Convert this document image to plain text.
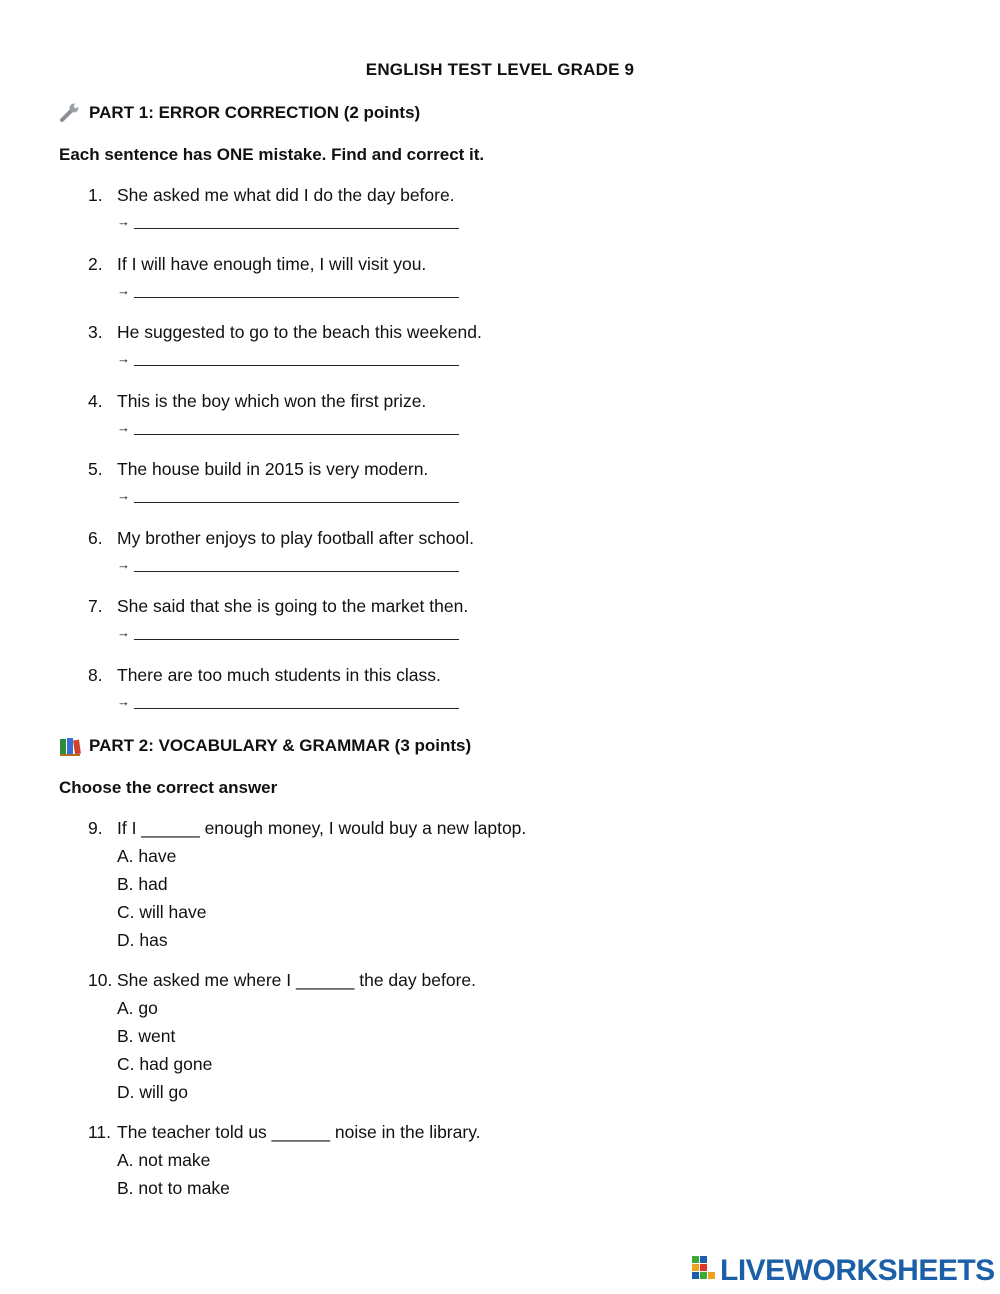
ENGLISH TEST LEVEL GRADE 9
PART 1: ERROR CORRECTION (2 points)
Each sentence has ONE mistake. Find and correct it.
1. She asked me what did I do the day before.
→
2. If I will have enough time, I will visit you.
→
3. He suggested to go to the beach this weekend.
→
4. This is the boy which won the first prize.
→
5. The house build in 2015 is very modern.
→
6. My brother enjoys to play football after school.
→
7. She said that she is going to the market then.
→
8. There are too much students in this class.
→
PART 2: VOCABULARY & GRAMMAR (3 points)
Choose the correct answer
9. If I ______ enough money, I would buy a new laptop.
A. have
B. had
C. will have
D. has
10. She asked me where I ______ the day before.
A. go
B. went
C. had gone
D. will go
11. The teacher told us ______ noise in the library.
A. not make
B. not to make
LIVEWORKSHEETS
